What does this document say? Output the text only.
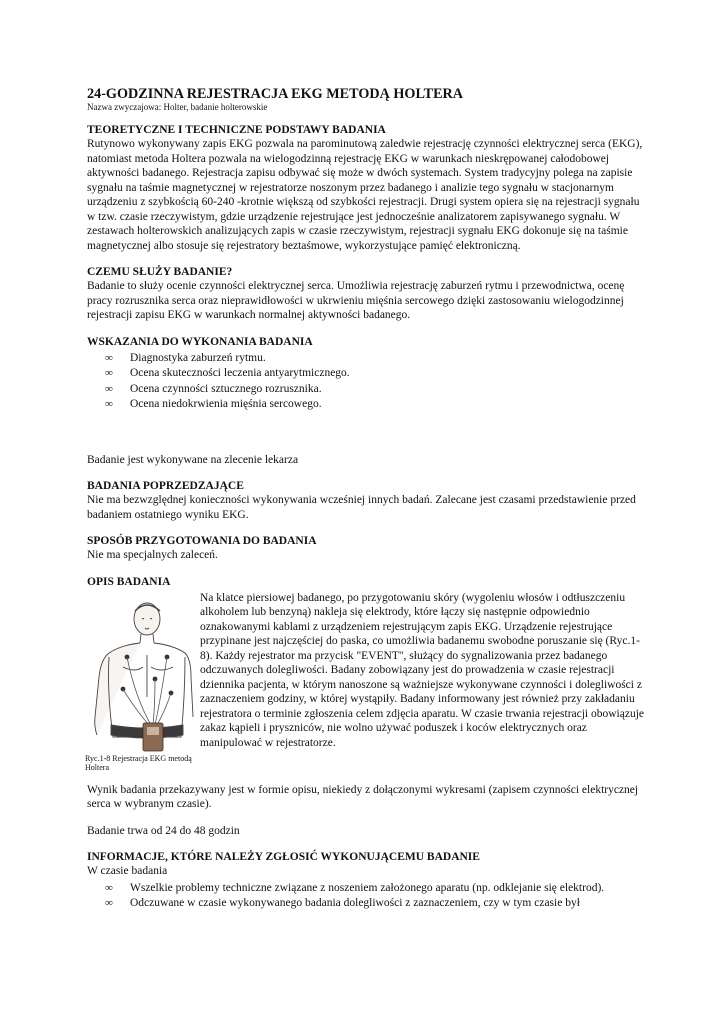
24-GODZINNA REJESTRACJA EKG METODĄ HOLTERA
Nazwa zwyczajowa: Holter, badanie holterowskie
TEORETYCZNE I TECHNICZNE PODSTAWY BADANIA

Rutynowo wykonywany zapis EKG pozwala na parominutową zaledwie rejestrację czynności elektrycznej serca (EKG), natomiast metoda Holtera pozwala na wielogodzinną rejestrację EKG w warunkach nieskrępowanej całodobowej aktywności badanego. Rejestracja zapisu odbywać się może w dwóch systemach. System tradycyjny polega na zapisie sygnału na taśmie magnetycznej w rejestratorze noszonym przez badanego i analizie tego sygnału w stacjonarnym urządzeniu z szybkością 60-240 -krotnie większą od szybkości rejestracji. Drugi system opiera się na rejestracji sygnału w tzw. czasie rzeczywistym, gdzie urządzenie rejestrujące jest jednocześnie analizatorem zapisywanego sygnału. W zestawach holterowskich analizujących zapis w czasie rzeczywistym, rejestracji sygnału EKG dokonuje się na taśmie magnetycznej albo stosuje się rejestratory beztaśmowe, wykorzystujące pamięć elektroniczną.

CZEMU SŁUŻY BADANIE?

Badanie to służy ocenie czynności elektrycznej serca. Umożliwia rejestrację zaburzeń rytmu i przewodnictwa, ocenę pracy rozrusznika serca oraz nieprawidłowości w ukrwieniu mięśnia sercowego dzięki zastosowaniu wielogodzinnej rejestracji zapisu EKG w warunkach normalnej aktywności badanego.

WSKAZANIA DO WYKONANIA BADANIA
∞ Diagnostyka zaburzeń rytmu.
∞ Ocena skuteczności leczenia antyarytmicznego.
∞ Ocena czynności sztucznego rozrusznika.
∞ Ocena niedokrwienia mięśnia sercowego.

Badanie jest wykonywane na zlecenie lekarza

BADANIA POPRZEDZAJĄCE

Nie ma bezwzględnej konieczności wykonywania wcześniej innych badań. Zalecane jest czasami przedstawienie przed badaniem ostatniego wyniku EKG.

SPOSÓB PRZYGOTOWANIA DO BADANIA

Nie ma specjalnych zaleceń.

OPIS BADANIA
Ryc.1-8 Rejestracja EKG metodą Holtera
Na klatce piersiowej badanego, po przygotowaniu skóry (wygoleniu włosów i odtłuszczeniu alkoholem lub benzyną) nakleja się elektrody, które łączy się następnie odpowiednio oznakowanymi kablami z urządzeniem rejestrującym zapis EKG. Urządzenie rejestrujące przypinane jest najczęściej do paska, co umożliwia badanemu swobodne poruszanie się (Ryc.1-8). Każdy rejestrator ma przycisk "EVENT", służący do sygnalizowania przez badanego odczuwanych dolegliwości. Badany zobowiązany jest do prowadzenia w czasie rejestracji dziennika pacjenta, w którym nanoszone są ważniejsze wykonywane czynności i dolegliwości z zaznaczeniem godziny, w której wystąpiły. Badany informowany jest również przy zakładaniu rejestratora o terminie zgłoszenia celem zdjęcia aparatu. W czasie trwania rejestracji obowiązuje zakaz kąpieli i pryszniców, nie wolno używać poduszek i koców elektrycznych oraz manipulować w rejestratorze.

Wynik badania przekazywany jest w formie opisu, niekiedy z dołączonymi wykresami (zapisem czynności elektrycznej serca w wybranym czasie).

Badanie trwa od 24 do 48 godzin

INFORMACJE, KTÓRE NALEŻY ZGŁOSIĆ WYKONUJĄCEMU BADANIE

W czasie badania

∞ Wszelkie problemy techniczne związane z noszeniem założonego aparatu (np. odklejanie się elektrod).
∞ Odczuwane w czasie wykonywanego badania dolegliwości z zaznaczeniem, czy w tym czasie był
